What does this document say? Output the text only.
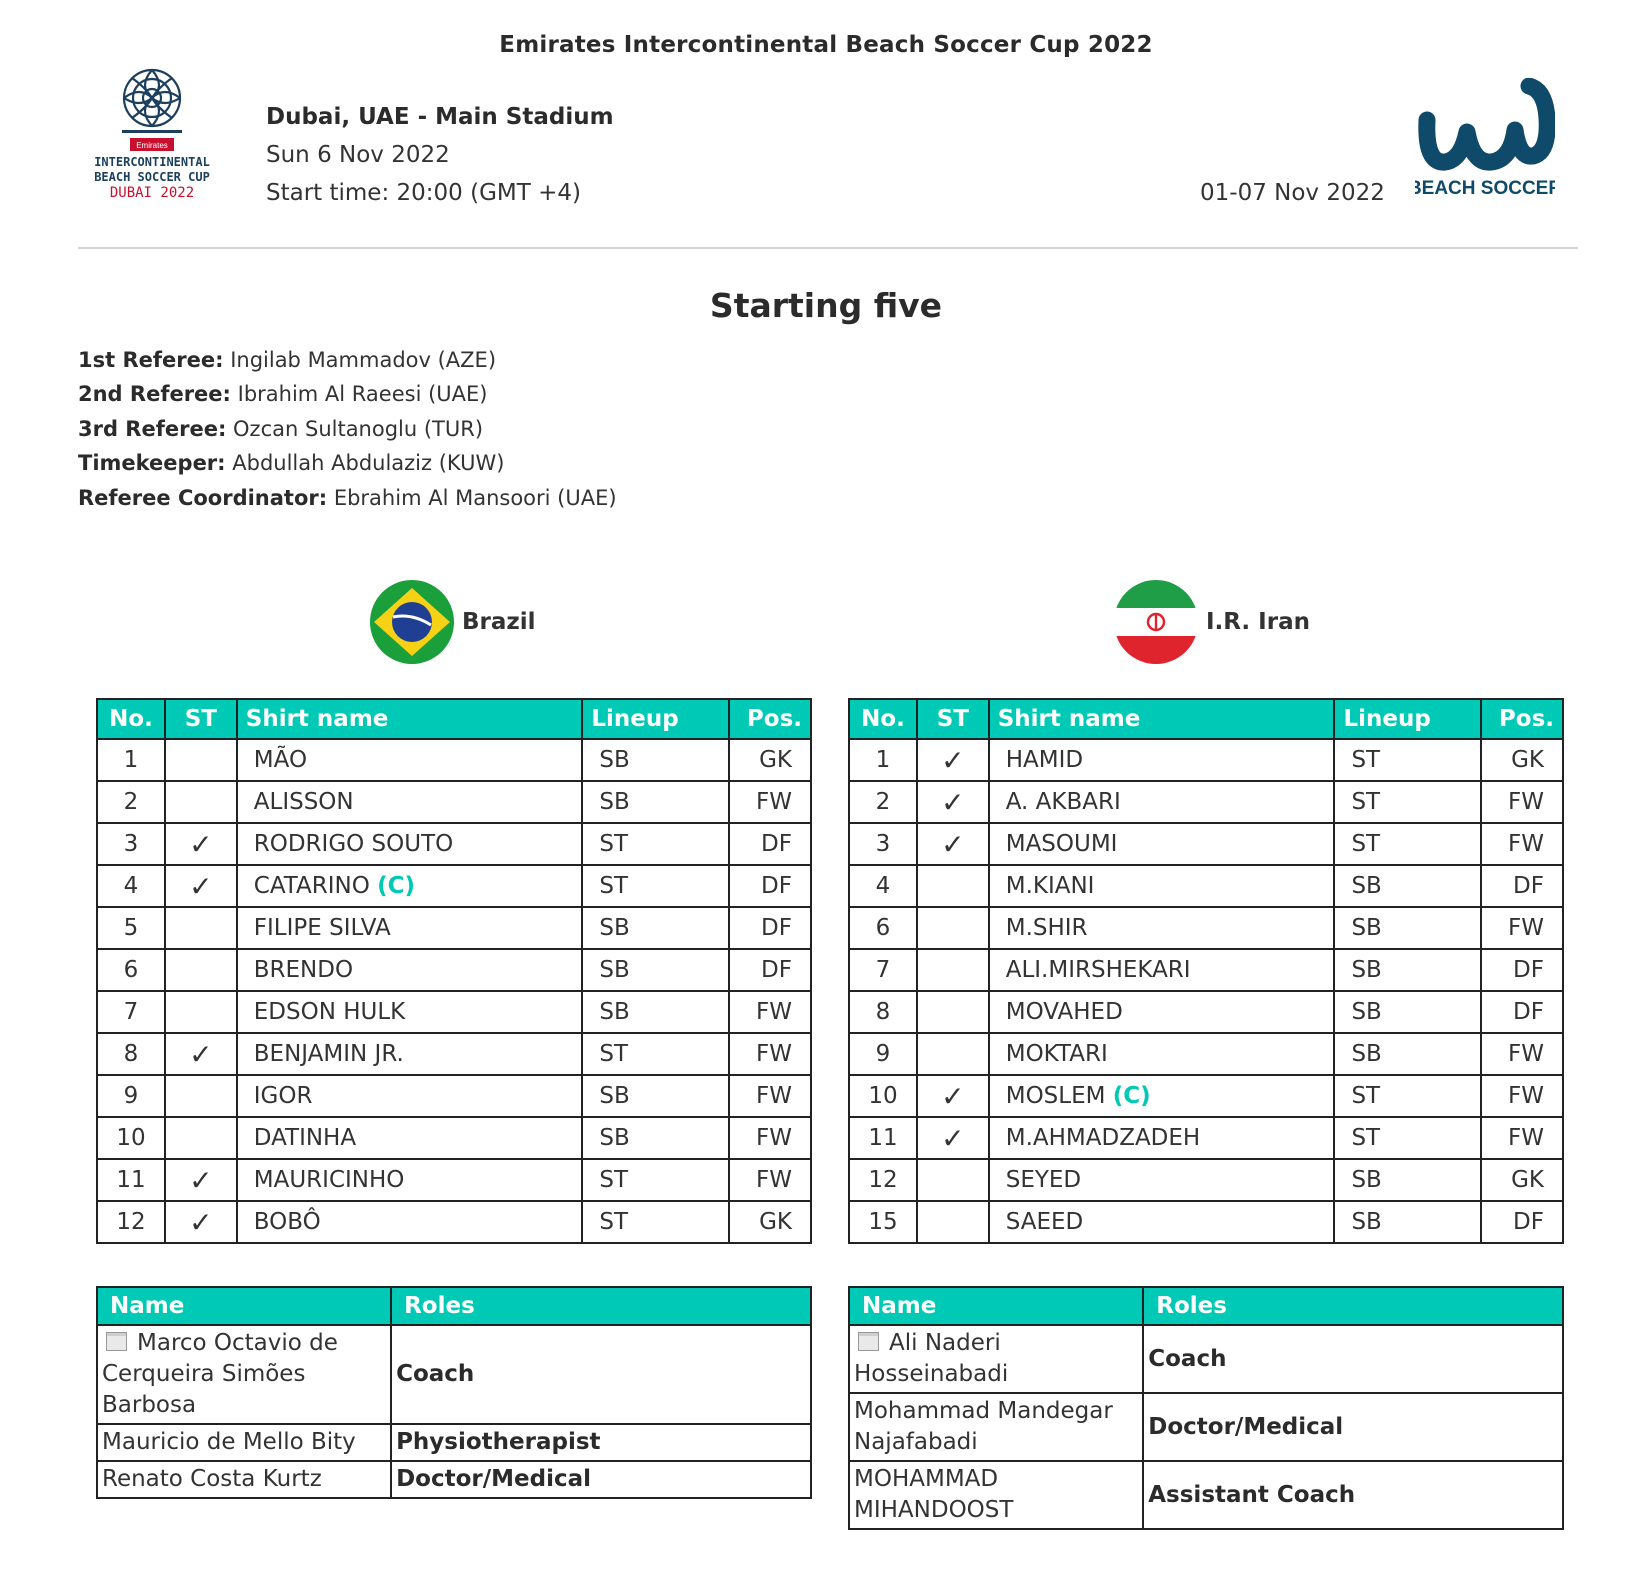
Emirates Intercontinental Beach Soccer Cup 2022
Emirates
INTERCONTINENTAL
BEACH SOCCER CUP
DUBAI 2022
Dubai, UAE - Main Stadium
Sun 6 Nov 2022
Start time: 20:00 (GMT +4)	01-07 Nov 2022 BEACH SOCCER
Starting five
1st Referee: Ingilab Mammadov (AZE)
2nd Referee: Ibrahim Al Raeesi (UAE)
3rd Referee: Ozcan Sultanoglu (TUR)
Timekeeper: Abdullah Abdulaziz (KUW)
Referee Coordinator: Ebrahim Al Mansoori (UAE)
Brazil	I.R. Iran
No.	ST	Shirt name	Lineup	Pos.
1		MÃO	SB	GK
2		ALISSON	SB	FW
3	✓	RODRIGO SOUTO	ST	DF
4	✓	CATARINO (C)	ST	DF
5		FILIPE SILVA	SB	DF
6		BRENDO	SB	DF
7		EDSON HULK	SB	FW
8	✓	BENJAMIN JR.	ST	FW
9		IGOR	SB	FW
10		DATINHA	SB	FW
11	✓	MAURICINHO	ST	FW
12	✓	BOBÔ	ST	GK
No.	ST	Shirt name	Lineup	Pos.
1	✓	HAMID	ST	GK
2	✓	A. AKBARI	ST	FW
3	✓	MASOUMI	ST	FW
4		M.KIANI	SB	DF
6		M.SHIR	SB	FW
7		ALI.MIRSHEKARI	SB	DF
8		MOVAHED	SB	DF
9		MOKTARI	SB	FW
10	✓	MOSLEM (C)	ST	FW
11	✓	M.AHMADZADEH	ST	FW
12		SEYED	SB	GK
15		SAEED	SB	DF
Name	Roles
Marco Octavio de Cerqueira Simões Barbosa	Coach
Mauricio de Mello Bity	Physiotherapist
Renato Costa Kurtz	Doctor/Medical
Name	Roles
Ali Naderi Hosseinabadi	Coach
Mohammad Mandegar Najafabadi	Doctor/Medical
MOHAMMAD MIHANDOOST	Assistant Coach
